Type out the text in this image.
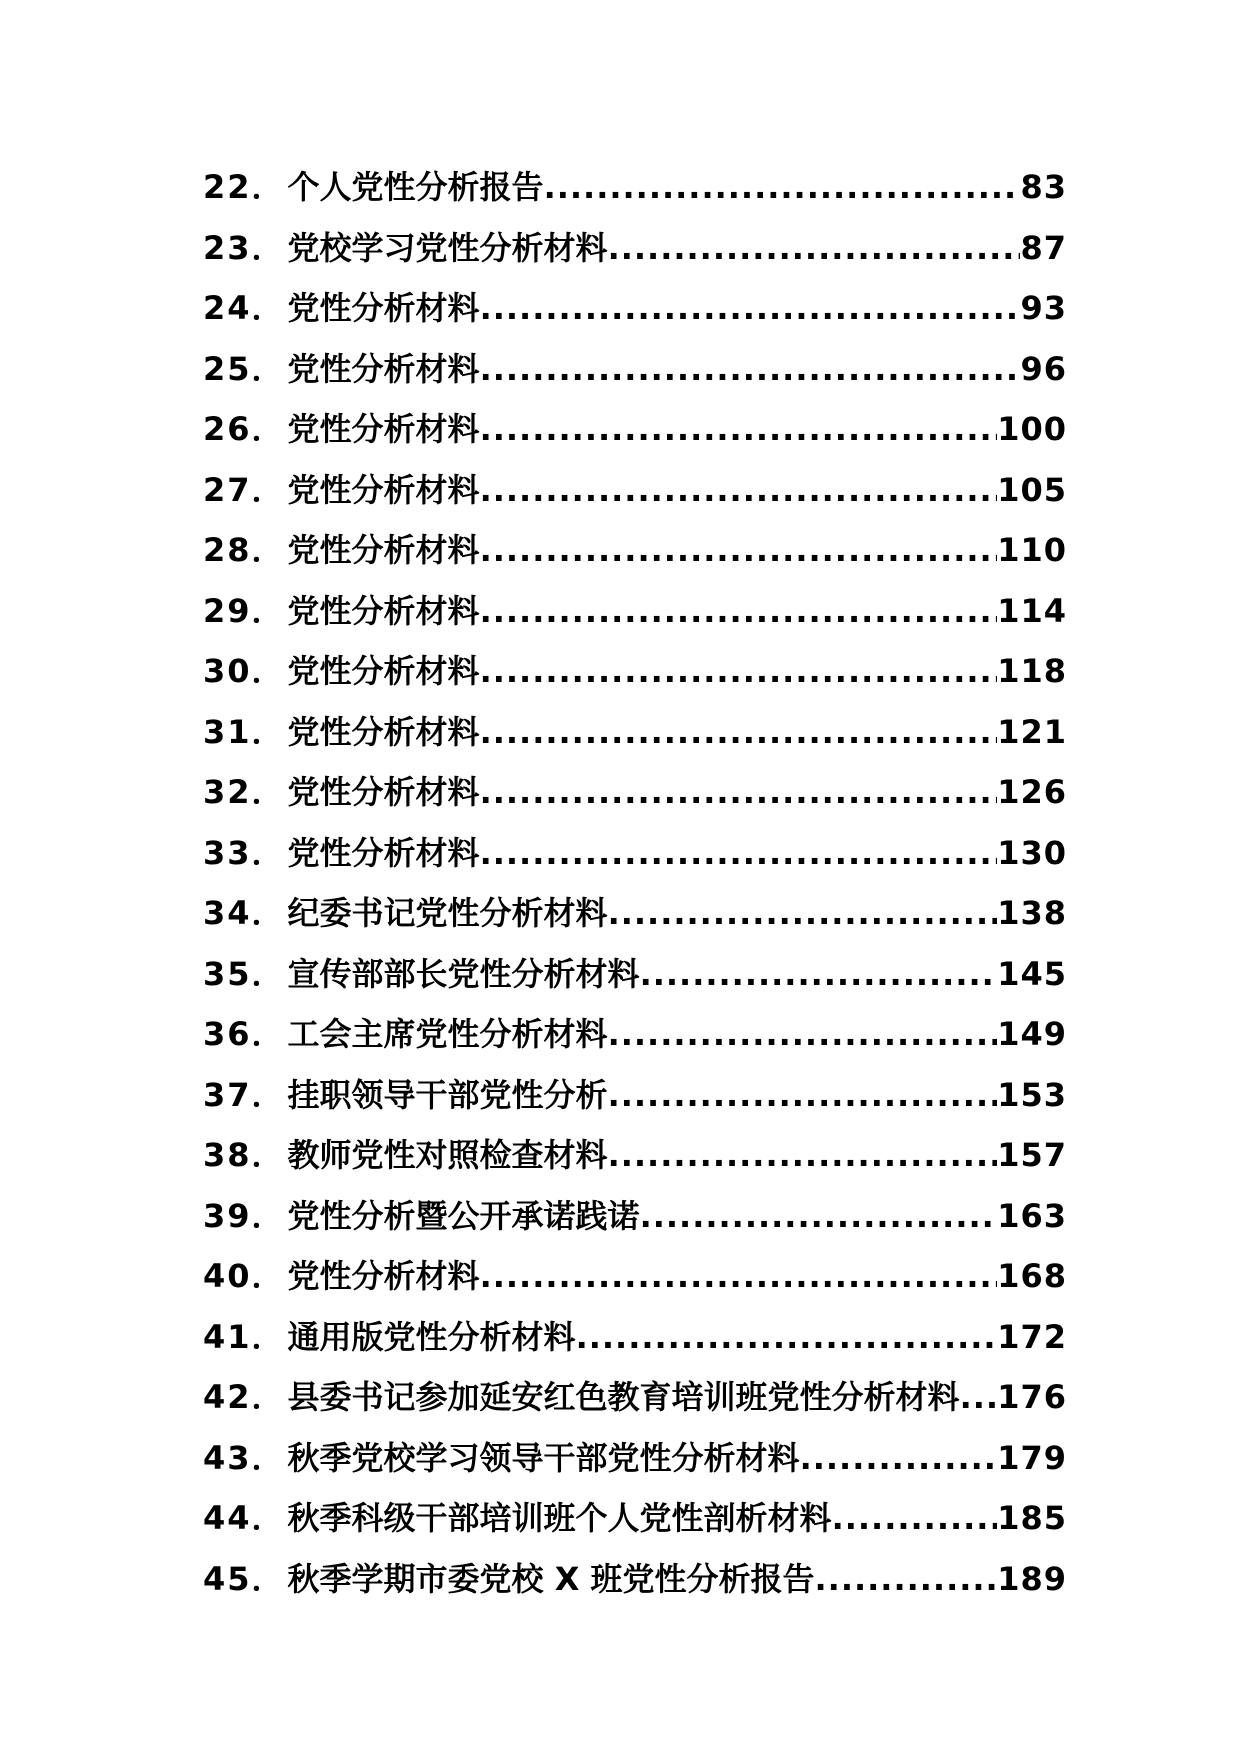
22． 个人党性分析报告 .....	83
23． 党校学习党性分析材料 .....	87
24． 党性分析材料 .....	93
25． 党性分析材料 .....	96
26． 党性分析材料 .....	100
27． 党性分析材料 .....	105
28． 党性分析材料 .....	110
29． 党性分析材料 .....	114
30． 党性分析材料 .....	118
31． 党性分析材料 .....	121
32． 党性分析材料 .....	126
33． 党性分析材料 .....	130
34． 纪委书记党性分析材料 .....	138
35． 宣传部部长党性分析材料 .....	145
36． 工会主席党性分析材料 .....	149
37． 挂职领导干部党性分析 .....	153
38． 教师党性对照检查材料 .....	157
39． 党性分析暨公开承诺践诺 .....	163
40． 党性分析材料 .....	168
41． 通用版党性分析材料 .....	172
42． 县委书记参加延安红色教育培训班党性分析材料 ..... 176
43． 秋季党校学习领导干部党性分析材料 .....	179
44． 秋季科级干部培训班个人党性剖析材料 .....	185
45． 秋季学期市委党校 X 班党性分析报告 .....	189
